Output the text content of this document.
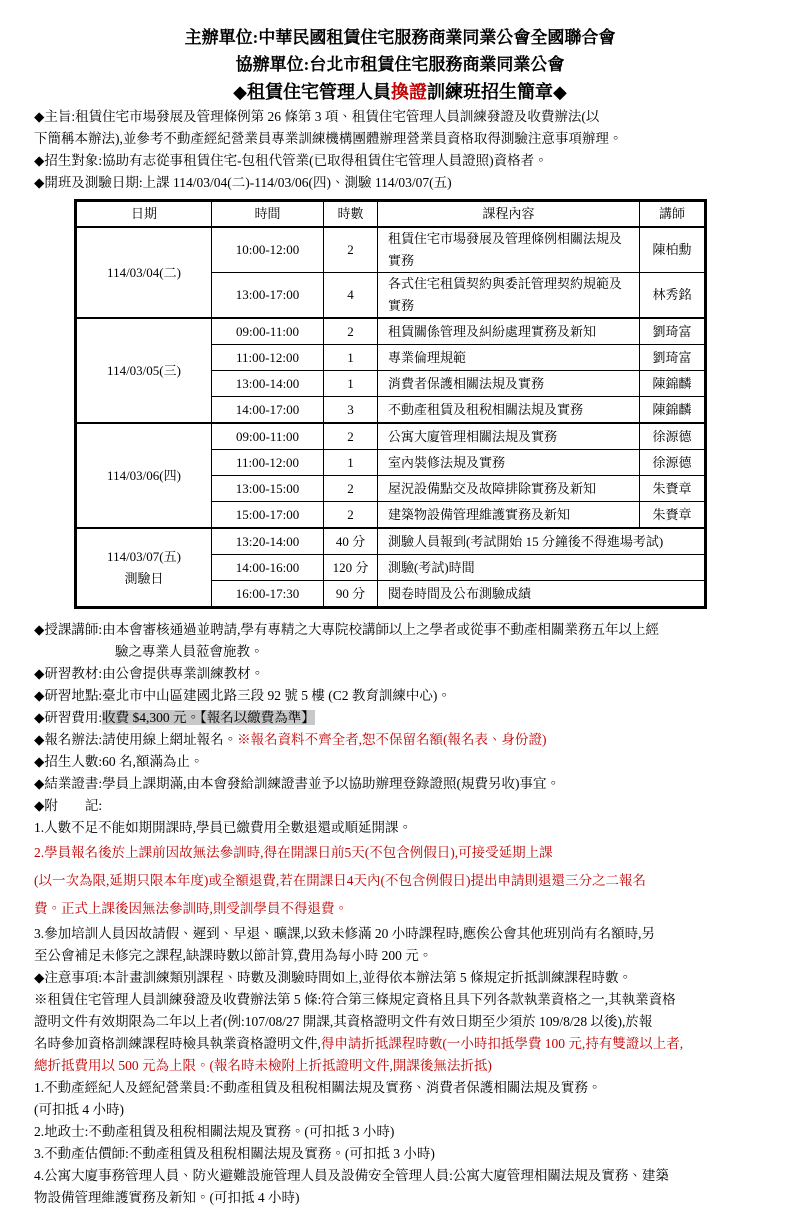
主辦單位:中華民國租賃住宅服務商業同業公會全國聯合會
協辦單位:台北市租賃住宅服務商業同業公會
◆租賃住宅管理人員換證訓練班招生簡章◆
◆主旨:租賃住宅市場發展及管理條例第 26 條第 3 項、租賃住宅管理人員訓練發證及收費辦法(以
下簡稱本辦法),並參考不動產經紀營業員專業訓練機構團體辦理營業員資格取得測驗注意事項辦理。
◆招生對象:協助有志從事租賃住宅-包租代管業(已取得租賃住宅管理人員證照)資格者。
◆開班及測驗日期:上課 114/03/04(二)-114/03/06(四)、測驗 114/03/07(五)
日期	時間	時數	課程內容	講師
114/03/04(二)	10:00-12:00	2	租賃住宅市場發展及管理條例相關法規及實務	陳柏勳
	13:00-17:00	4	各式住宅租賃契約與委託管理契約規範及實務	林秀銘
114/03/05(三)	09:00-11:00	2	租賃關係管理及糾紛處理實務及新知	劉琦富
	11:00-12:00	1	專業倫理規範	劉琦富
	13:00-14:00	1	消費者保護相關法規及實務	陳錦麟
	14:00-17:00	3	不動產租賃及租稅相關法規及實務	陳錦麟
114/03/06(四)	09:00-11:00	2	公寓大廈管理相關法規及實務	徐源德
	11:00-12:00	1	室內裝修法規及實務	徐源德
	13:00-15:00	2	屋況設備點交及故障排除實務及新知	朱賚章
	15:00-17:00	2	建築物設備管理維護實務及新知	朱賚章

114/03/07(五)
測驗日	13:20-14:00	40 分	測驗人員報到(考試開始 15 分鐘後不得進場考試)	
	14:00-16:00	120 分	測驗(考試)時間	
	16:00-17:30	90 分	閱卷時間及公布測驗成績	
◆授課講師:由本會審核通過並聘請,學有專精之大專院校講師以上之學者或從事不動產相關業務五年以上經
驗之專業人員蒞會施教。
◆研習教材:由公會提供專業訓練教材。
◆研習地點:臺北市中山區建國北路三段 92 號 5 樓 (C2 教育訓練中心)。
◆研習費用:收費 $4,300 元。【報名以繳費為準】
◆報名辦法:請使用線上網址報名。※報名資料不齊全者,恕不保留名額(報名表、身份證)
◆招生人數:60 名,額滿為止。
◆結業證書:學員上課期滿,由本會發給訓練證書並予以協助辦理登錄證照(規費另收)事宜。
◆附　　記:
1.人數不足不能如期開課時,學員已繳費用全數退還或順延開課。
2.學員報名後於上課前因故無法參訓時,得在開課日前5天(不包含例假日),可接受延期上課
(以一次為限,延期只限本年度)或全額退費,若在開課日4天內(不包含例假日)提出申請則退還三分之二報名
費。正式上課後因無法參訓時,則受訓學員不得退費。
3.參加培訓人員因故請假、遲到、早退、曠課,以致未修滿 20 小時課程時,應俟公會其他班別尚有名額時,另
至公會補足未修完之課程,缺課時數以節計算,費用為每小時 200 元。
◆注意事項:本計畫訓練類別課程、時數及測驗時間如上,並得依本辦法第 5 條規定折抵訓練課程時數。
※租賃住宅管理人員訓練發證及收費辦法第 5 條:符合第三條規定資格且具下列各款執業資格之一,其執業資格
證明文件有效期限為二年以上者(例:107/08/27 開課,其資格證明文件有效日期至少須於 109/8/28 以後),於報
名時參加資格訓練課程時檢具執業資格證明文件,得申請折抵課程時數(一小時扣抵學費 100 元,持有雙證以上者,
總折抵費用以 500 元為上限。(報名時未檢附上折抵證明文件,開課後無法折抵)
1.不動產經紀人及經紀營業員:不動產租賃及租稅相關法規及實務、消費者保護相關法規及實務。
(可扣抵 4 小時)
2.地政士:不動產租賃及租稅相關法規及實務。(可扣抵 3 小時)
3.不動產估價師:不動產租賃及租稅相關法規及實務。(可扣抵 3 小時)
4.公寓大廈事務管理人員、防火避難設施管理人員及設備安全管理人員:公寓大廈管理相關法規及實務、建築
物設備管理維護實務及新知。(可扣抵 4 小時)
